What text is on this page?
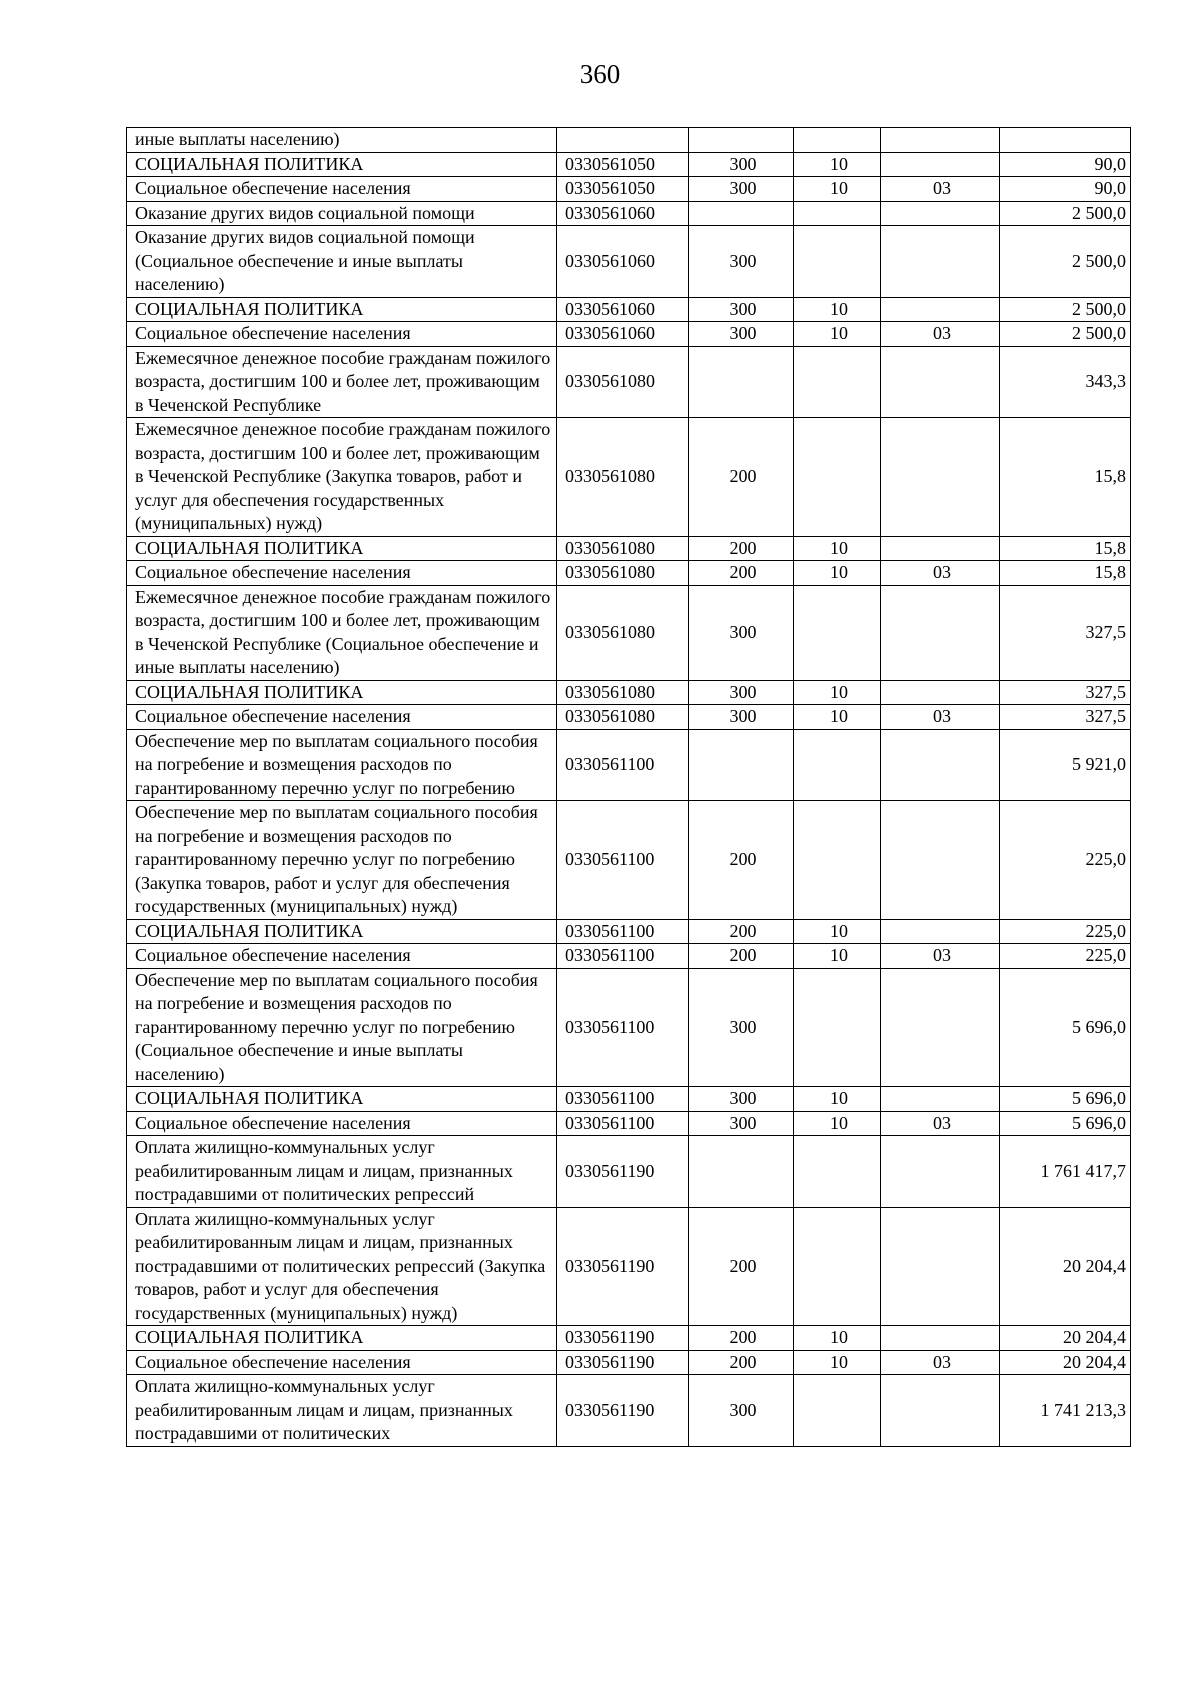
360
иные выплаты населению)					
СОЦИАЛЬНАЯ ПОЛИТИКА	0330561050	300	10		90,0
Социальное обеспечение населения	0330561050	300	10	03	90,0
Оказание других видов социальной помощи	0330561060				2 500,0
Оказание других видов социальной помощи (Социальное обеспечение и иные выплаты населению)	0330561060	300			2 500,0
СОЦИАЛЬНАЯ ПОЛИТИКА	0330561060	300	10		2 500,0
Социальное обеспечение населения	0330561060	300	10	03	2 500,0
Ежемесячное денежное пособие гражданам пожилого возраста, достигшим 100 и более лет, проживающим в Чеченской Республике	0330561080				343,3
Ежемесячное денежное пособие гражданам пожилого возраста, достигшим 100 и более лет, проживающим в Чеченской Республике (Закупка товаров, работ и услуг для обеспечения государственных (муниципальных) нужд)	0330561080	200			15,8
СОЦИАЛЬНАЯ ПОЛИТИКА	0330561080	200	10		15,8
Социальное обеспечение населения	0330561080	200	10	03	15,8
Ежемесячное денежное пособие гражданам пожилого возраста, достигшим 100 и более лет, проживающим в Чеченской Республике (Социальное обеспечение и иные выплаты населению)	0330561080	300			327,5
СОЦИАЛЬНАЯ ПОЛИТИКА	0330561080	300	10		327,5
Социальное обеспечение населения	0330561080	300	10	03	327,5
Обеспечение мер по выплатам социального пособия на погребение и возмещения расходов по гарантированному перечню услуг по погребению	0330561100				5 921,0
Обеспечение мер по выплатам социального пособия на погребение и возмещения расходов по гарантированному перечню услуг по погребению (Закупка товаров, работ и услуг для обеспечения государственных (муниципальных) нужд)	0330561100	200			225,0
СОЦИАЛЬНАЯ ПОЛИТИКА	0330561100	200	10		225,0
Социальное обеспечение населения	0330561100	200	10	03	225,0
Обеспечение мер по выплатам социального пособия на погребение и возмещения расходов по гарантированному перечню услуг по погребению (Социальное обеспечение и иные выплаты населению)	0330561100	300			5 696,0
СОЦИАЛЬНАЯ ПОЛИТИКА	0330561100	300	10		5 696,0
Социальное обеспечение населения	0330561100	300	10	03	5 696,0
Оплата жилищно-коммунальных услуг реабилитированным лицам и лицам, признанных пострадавшими от политических репрессий	0330561190				1 761 417,7
Оплата жилищно-коммунальных услуг реабилитированным лицам и лицам, признанных пострадавшими от политических репрессий (Закупка товаров, работ и услуг для обеспечения государственных (муниципальных) нужд)	0330561190	200			20 204,4
СОЦИАЛЬНАЯ ПОЛИТИКА	0330561190	200	10		20 204,4
Социальное обеспечение населения	0330561190	200	10	03	20 204,4
Оплата жилищно-коммунальных услуг реабилитированным лицам и лицам, признанных пострадавшими от политических	0330561190	300			1 741 213,3
